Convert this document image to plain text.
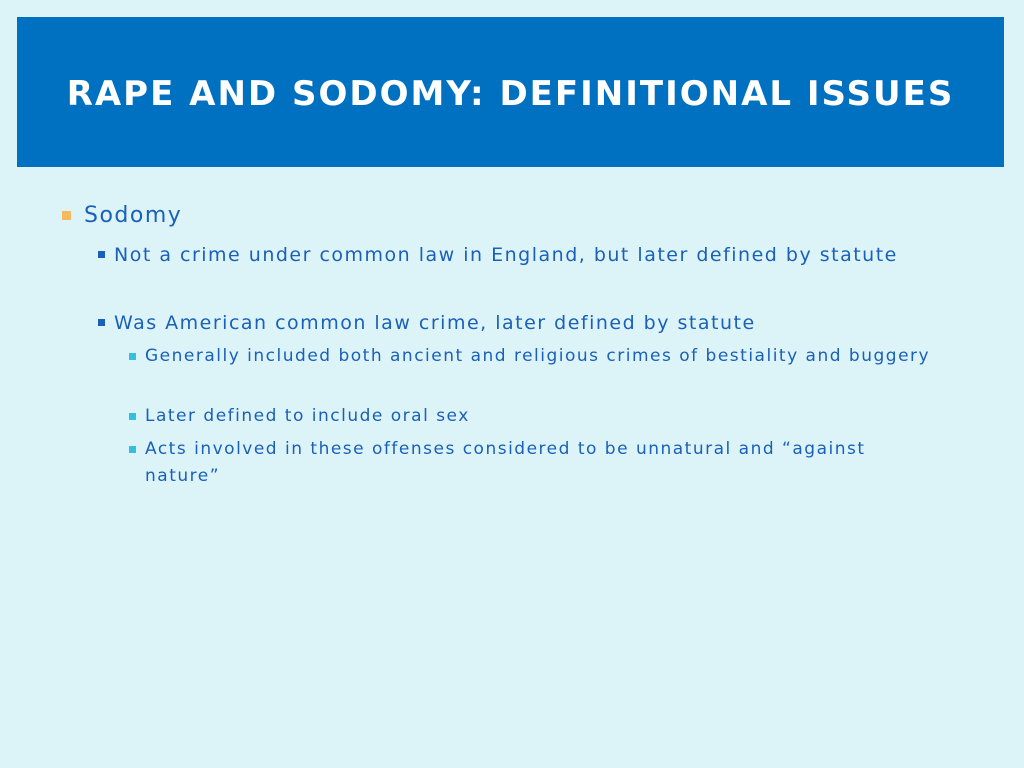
RAPE AND SODOMY: DEFINITIONAL ISSUES
Sodomy
Not a crime under common law in England, but later defined by statute
Was American common law crime, later defined by statute
Generally included both ancient and religious crimes of bestiality and buggery
Later defined to include oral sex
Acts involved in these offenses considered to be unnatural and “against nature”
